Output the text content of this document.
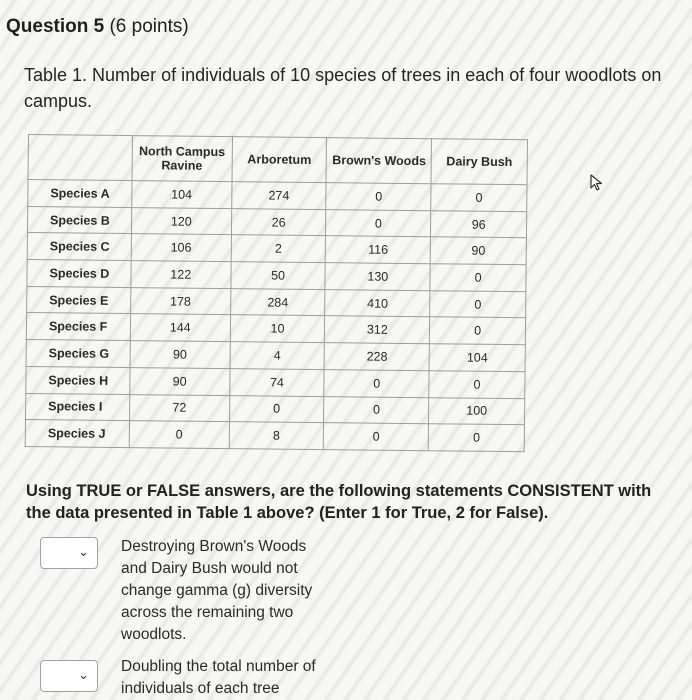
Question 5 (6 points)
Table 1. Number of individuals of 10 species of trees in each of four woodlots on campus.
	North Campus Ravine	Arboretum	Brown's Woods	Dairy Bush
Species A	104	274	0	0
Species B	120	26	0	96
Species C	106	2	116	90
Species D	122	50	130	0
Species E	178	284	410	0
Species F	144	10	312	0
Species G	90	4	228	104
Species H	90	74	0	0
Species I	72	0	0	100
Species J	0	8	0	0
Using TRUE or FALSE answers, are the following statements CONSISTENT with the data presented in Table 1 above? (Enter 1 for True, 2 for False).
⌄ Destroying Brown's Woods and Dairy Bush would not change gamma (g) diversity across the remaining two woodlots.
⌄ Doubling the total number of individuals of each tree
